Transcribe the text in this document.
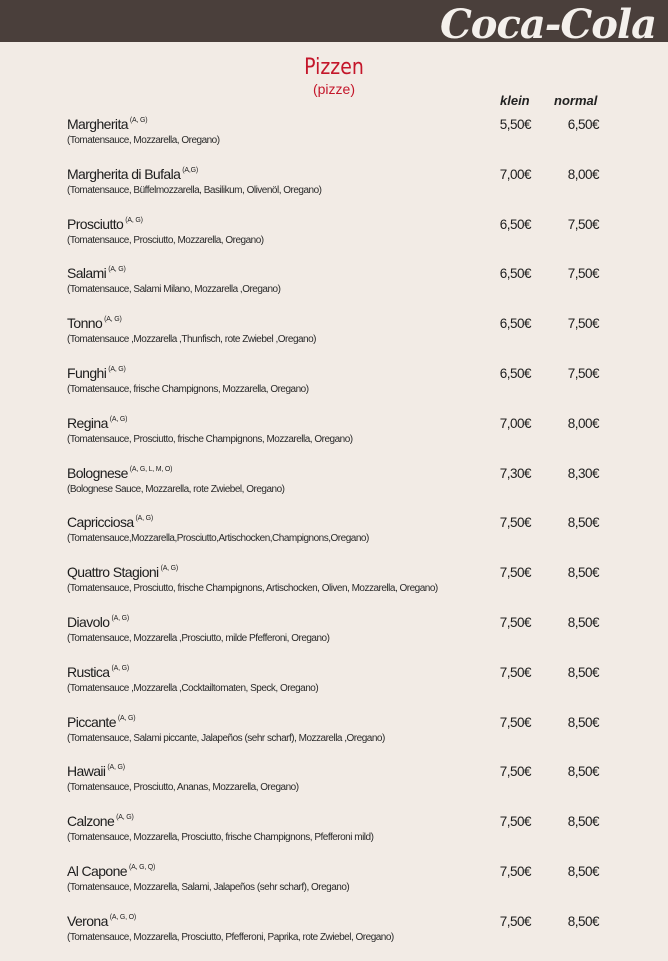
Coca-Cola
Pizzen
(pizze)
klein normal
Margherita $^{(A, G)}$
(Tomatensauce, Mozzarella, Oregano)
5,50€	6,50€
Margherita di Bufala $^{(A,G)}$
(Tomatensauce, Büffelmozzarella, Basilikum, Olivenöl, Oregano)
7,00€	8,00€
Prosciutto $^{(A, G)}$
(Tomatensauce, Prosciutto, Mozzarella, Oregano)
6,50€	7,50€
Salami $^{(A, G)}$
(Tomatensauce, Salami Milano, Mozzarella ,Oregano)
6,50€	7,50€
Tonno $^{(A, G)}$
(Tomatensauce ,Mozzarella ,Thunfisch, rote Zwiebel ,Oregano)
6,50€	7,50€
Funghi $^{(A, G)}$
(Tomatensauce, frische Champignons, Mozzarella, Oregano)
6,50€	7,50€
Regina $^{(A, G)}$
(Tomatensauce, Prosciutto, frische Champignons, Mozzarella, Oregano)
7,00€	8,00€
Bolognese $^{(A, G, L, M, O)}$
(Bolognese Sauce, Mozzarella, rote Zwiebel, Oregano)
7,30€	8,30€
Capricciosa $^{(A, G)}$
(Tomatensauce,Mozzarella,Prosciutto,Artischocken,Champignons,Oregano)
7,50€	8,50€
Quattro Stagioni $^{(A, G)}$
(Tomatensauce, Prosciutto, frische Champignons, Artischocken, Oliven, Mozzarella, Oregano)
7,50€	8,50€
Diavolo $^{(A, G)}$
(Tomatensauce, Mozzarella ,Prosciutto, milde Pfefferoni, Oregano)
7,50€	8,50€
Rustica $^{(A, G)}$
(Tomatensauce ,Mozzarella ,Cocktailtomaten, Speck, Oregano)
7,50€	8,50€
Piccante $^{(A, G)}$
(Tomatensauce, Salami piccante, Jalapeños (sehr scharf), Mozzarella ,Oregano)
7,50€	8,50€
Hawaii $^{(A, G)}$
(Tomatensauce, Prosciutto, Ananas, Mozzarella, Oregano)
7,50€	8,50€
Calzone $^{(A, G)}$
(Tomatensauce, Mozzarella, Prosciutto, frische Champignons, Pfefferoni mild)
7,50€	8,50€
Al Capone $^{(A, G, Q)}$
(Tomatensauce, Mozzarella, Salami, Jalapeños (sehr scharf), Oregano)
7,50€	8,50€
Verona $^{(A, G, O)}$
(Tomatensauce, Mozzarella, Prosciutto, Pfefferoni, Paprika, rote Zwiebel, Oregano)
7,50€	8,50€
